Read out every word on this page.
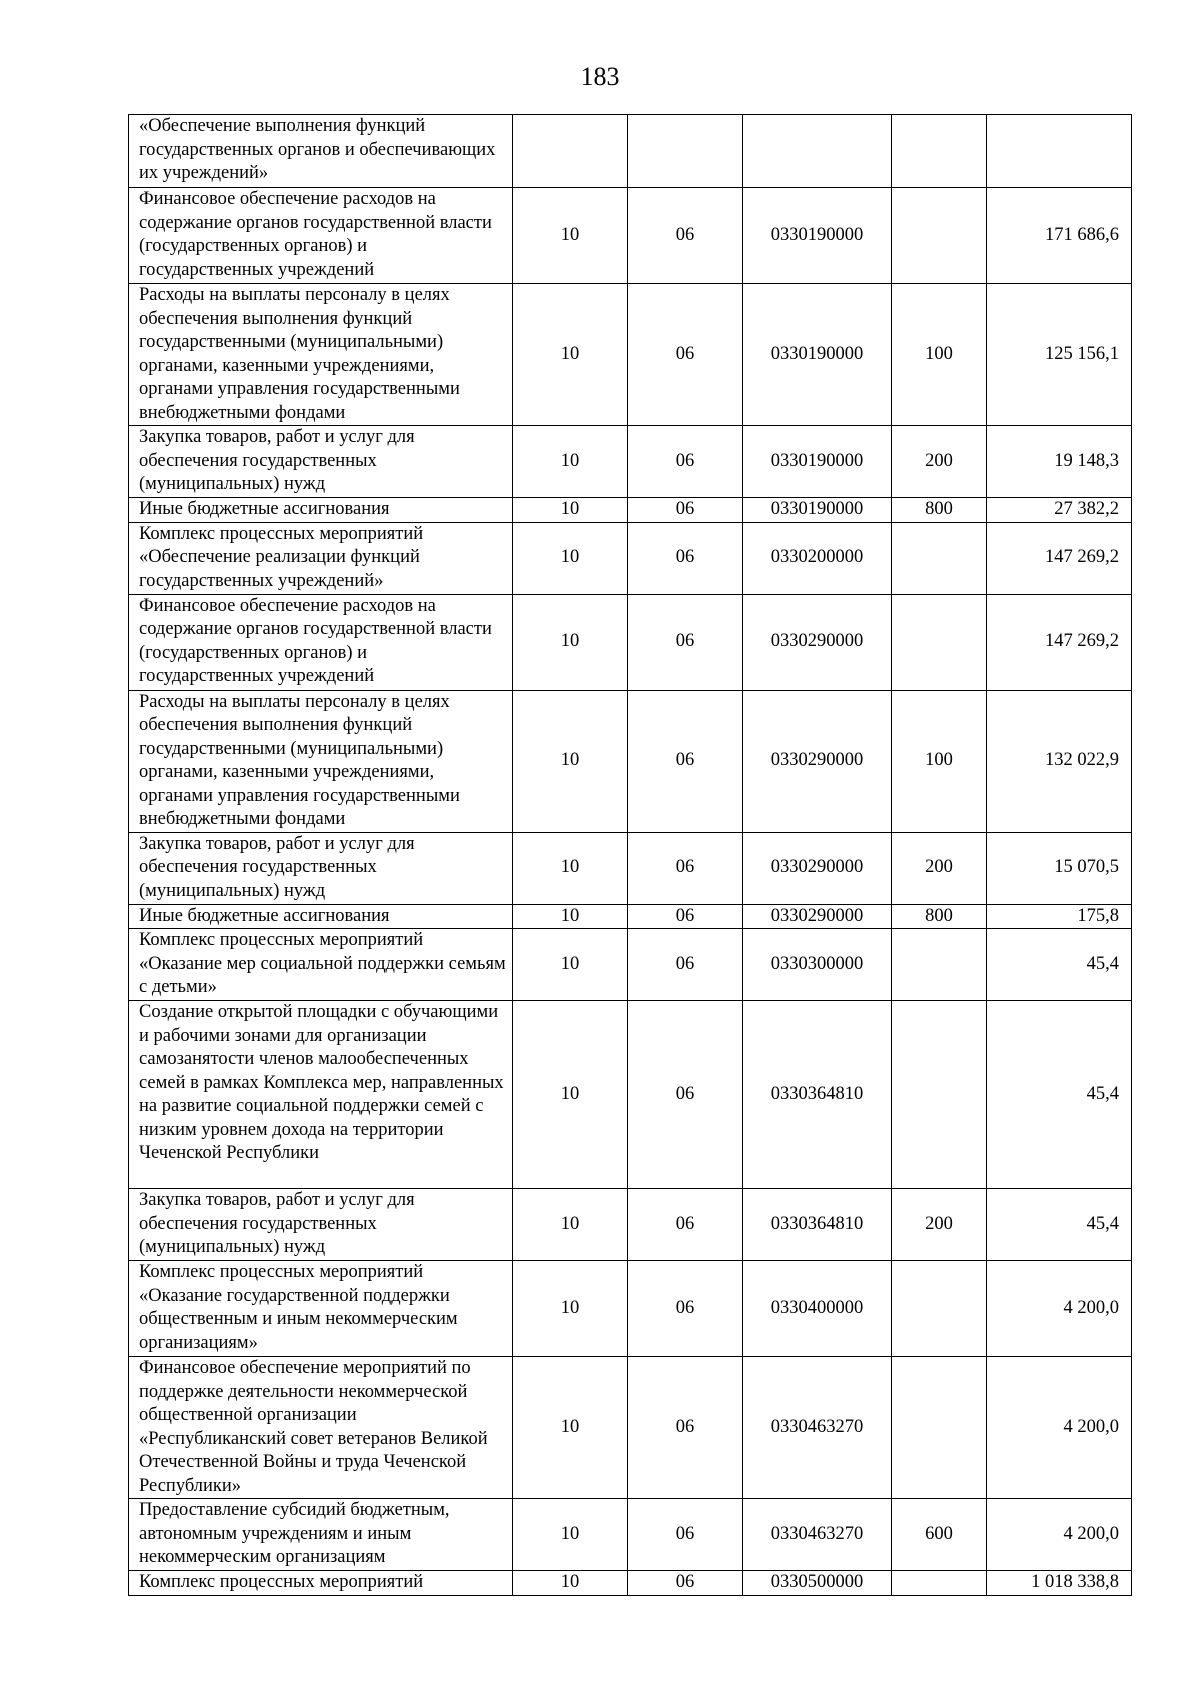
183
«Обеспечение выполнения функций государственных органов и обеспечивающих их учреждений»					
Финансовое обеспечение расходов на содержание органов государственной власти (государственных органов) и государственных учреждений	10	06	0330190000		171 686,6
Расходы на выплаты персоналу в целях обеспечения выполнения функций государственными (муниципальными) органами, казенными учреждениями, органами управления государственными внебюджетными фондами	10	06	0330190000	100	125 156,1
Закупка товаров, работ и услуг для обеспечения государственных (муниципальных) нужд	10	06	0330190000	200	19 148,3
Иные бюджетные ассигнования	10	06	0330190000	800	27 382,2
Комплекс процессных мероприятий «Обеспечение реализации функций государственных учреждений»	10	06	0330200000		147 269,2
Финансовое обеспечение расходов на содержание органов государственной власти (государственных органов) и государственных учреждений	10	06	0330290000		147 269,2
Расходы на выплаты персоналу в целях обеспечения выполнения функций государственными (муниципальными) органами, казенными учреждениями, органами управления государственными внебюджетными фондами	10	06	0330290000	100	132 022,9
Закупка товаров, работ и услуг для обеспечения государственных (муниципальных) нужд	10	06	0330290000	200	15 070,5
Иные бюджетные ассигнования	10	06	0330290000	800	175,8
Комплекс процессных мероприятий «Оказание мер социальной поддержки семьям с детьми»	10	06	0330300000		45,4
Создание открытой площадки с обучающими и рабочими зонами для организации самозанятости членов малообеспеченных семей в рамках Комплекса мер, направленных на развитие социальной поддержки семей с низким уровнем дохода на территории Чеченской Республики	10	06	0330364810		45,4
Закупка товаров, работ и услуг для обеспечения государственных (муниципальных) нужд	10	06	0330364810	200	45,4
Комплекс процессных мероприятий «Оказание государственной поддержки общественным и иным некоммерческим организациям»	10	06	0330400000		4 200,0
Финансовое обеспечение мероприятий по поддержке деятельности некоммерческой общественной организации «Республиканский совет ветеранов Великой Отечественной Войны и труда Чеченской Республики»	10	06	0330463270		4 200,0
Предоставление субсидий бюджетным, автономным учреждениям и иным некоммерческим организациям	10	06	0330463270	600	4 200,0
Комплекс процессных мероприятий	10	06	0330500000		1 018 338,8
